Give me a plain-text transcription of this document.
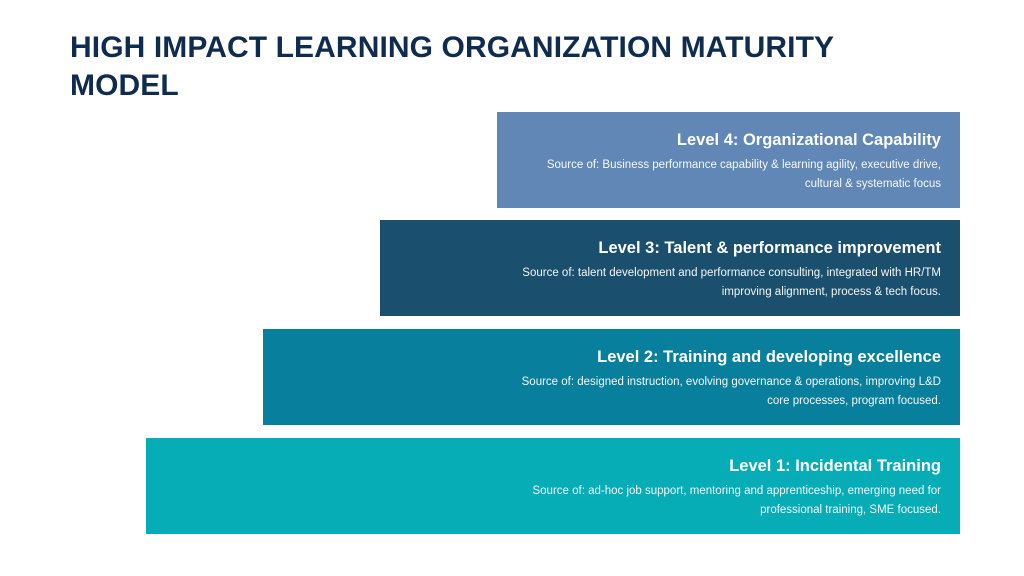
HIGH IMPACT LEARNING ORGANIZATION MATURITY MODEL
Level 4: Organizational Capability
Source of: Business performance capability & learning agility, executive drive, cultural & systematic focus
Level 3: Talent & performance improvement
Source of: talent development and performance consulting, integrated with HR/TM improving alignment, process & tech focus.
Level 2: Training and developing excellence
Source of: designed instruction, evolving governance & operations, improving L&D core processes, program focused.
Level 1: Incidental Training
Source of: ad-hoc job support, mentoring and apprenticeship, emerging need for professional training, SME focused.
